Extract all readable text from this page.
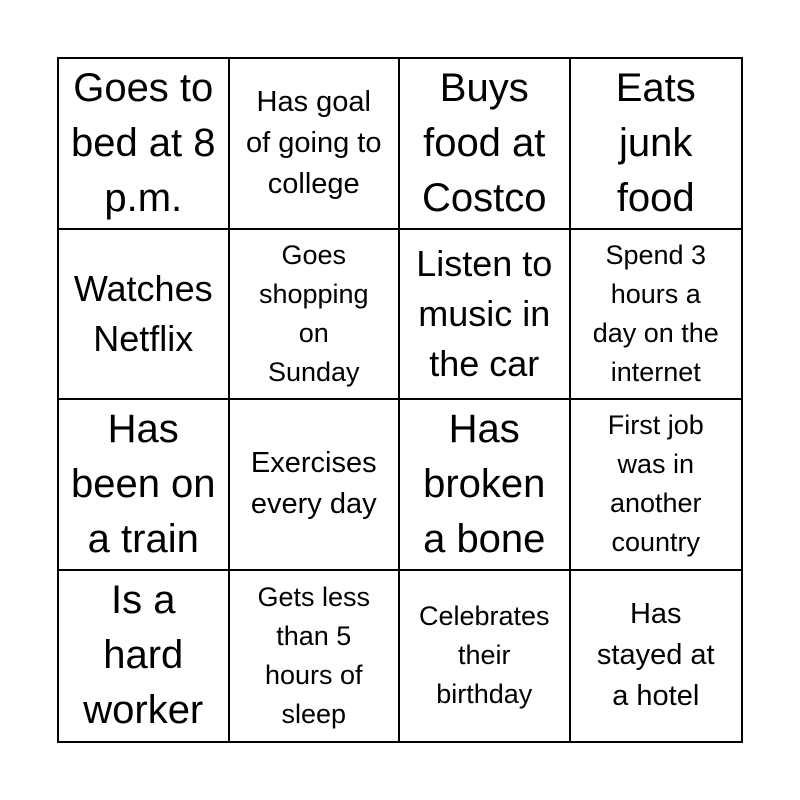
Goes to
bed at 8
p.m.
Has goal
of going to
college
Buys
food at
Costco
Eats
junk
food
Watches
Netflix
Goes
shopping
on
Sunday
Listen to
music in
the car
Spend 3
hours a
day on the
internet
Has
been on
a train
Exercises
every day
Has
broken
a bone
First job
was in
another
country
Is a
hard
worker
Gets less
than 5
hours of
sleep
Celebrates
their
birthday
Has
stayed at
a hotel
